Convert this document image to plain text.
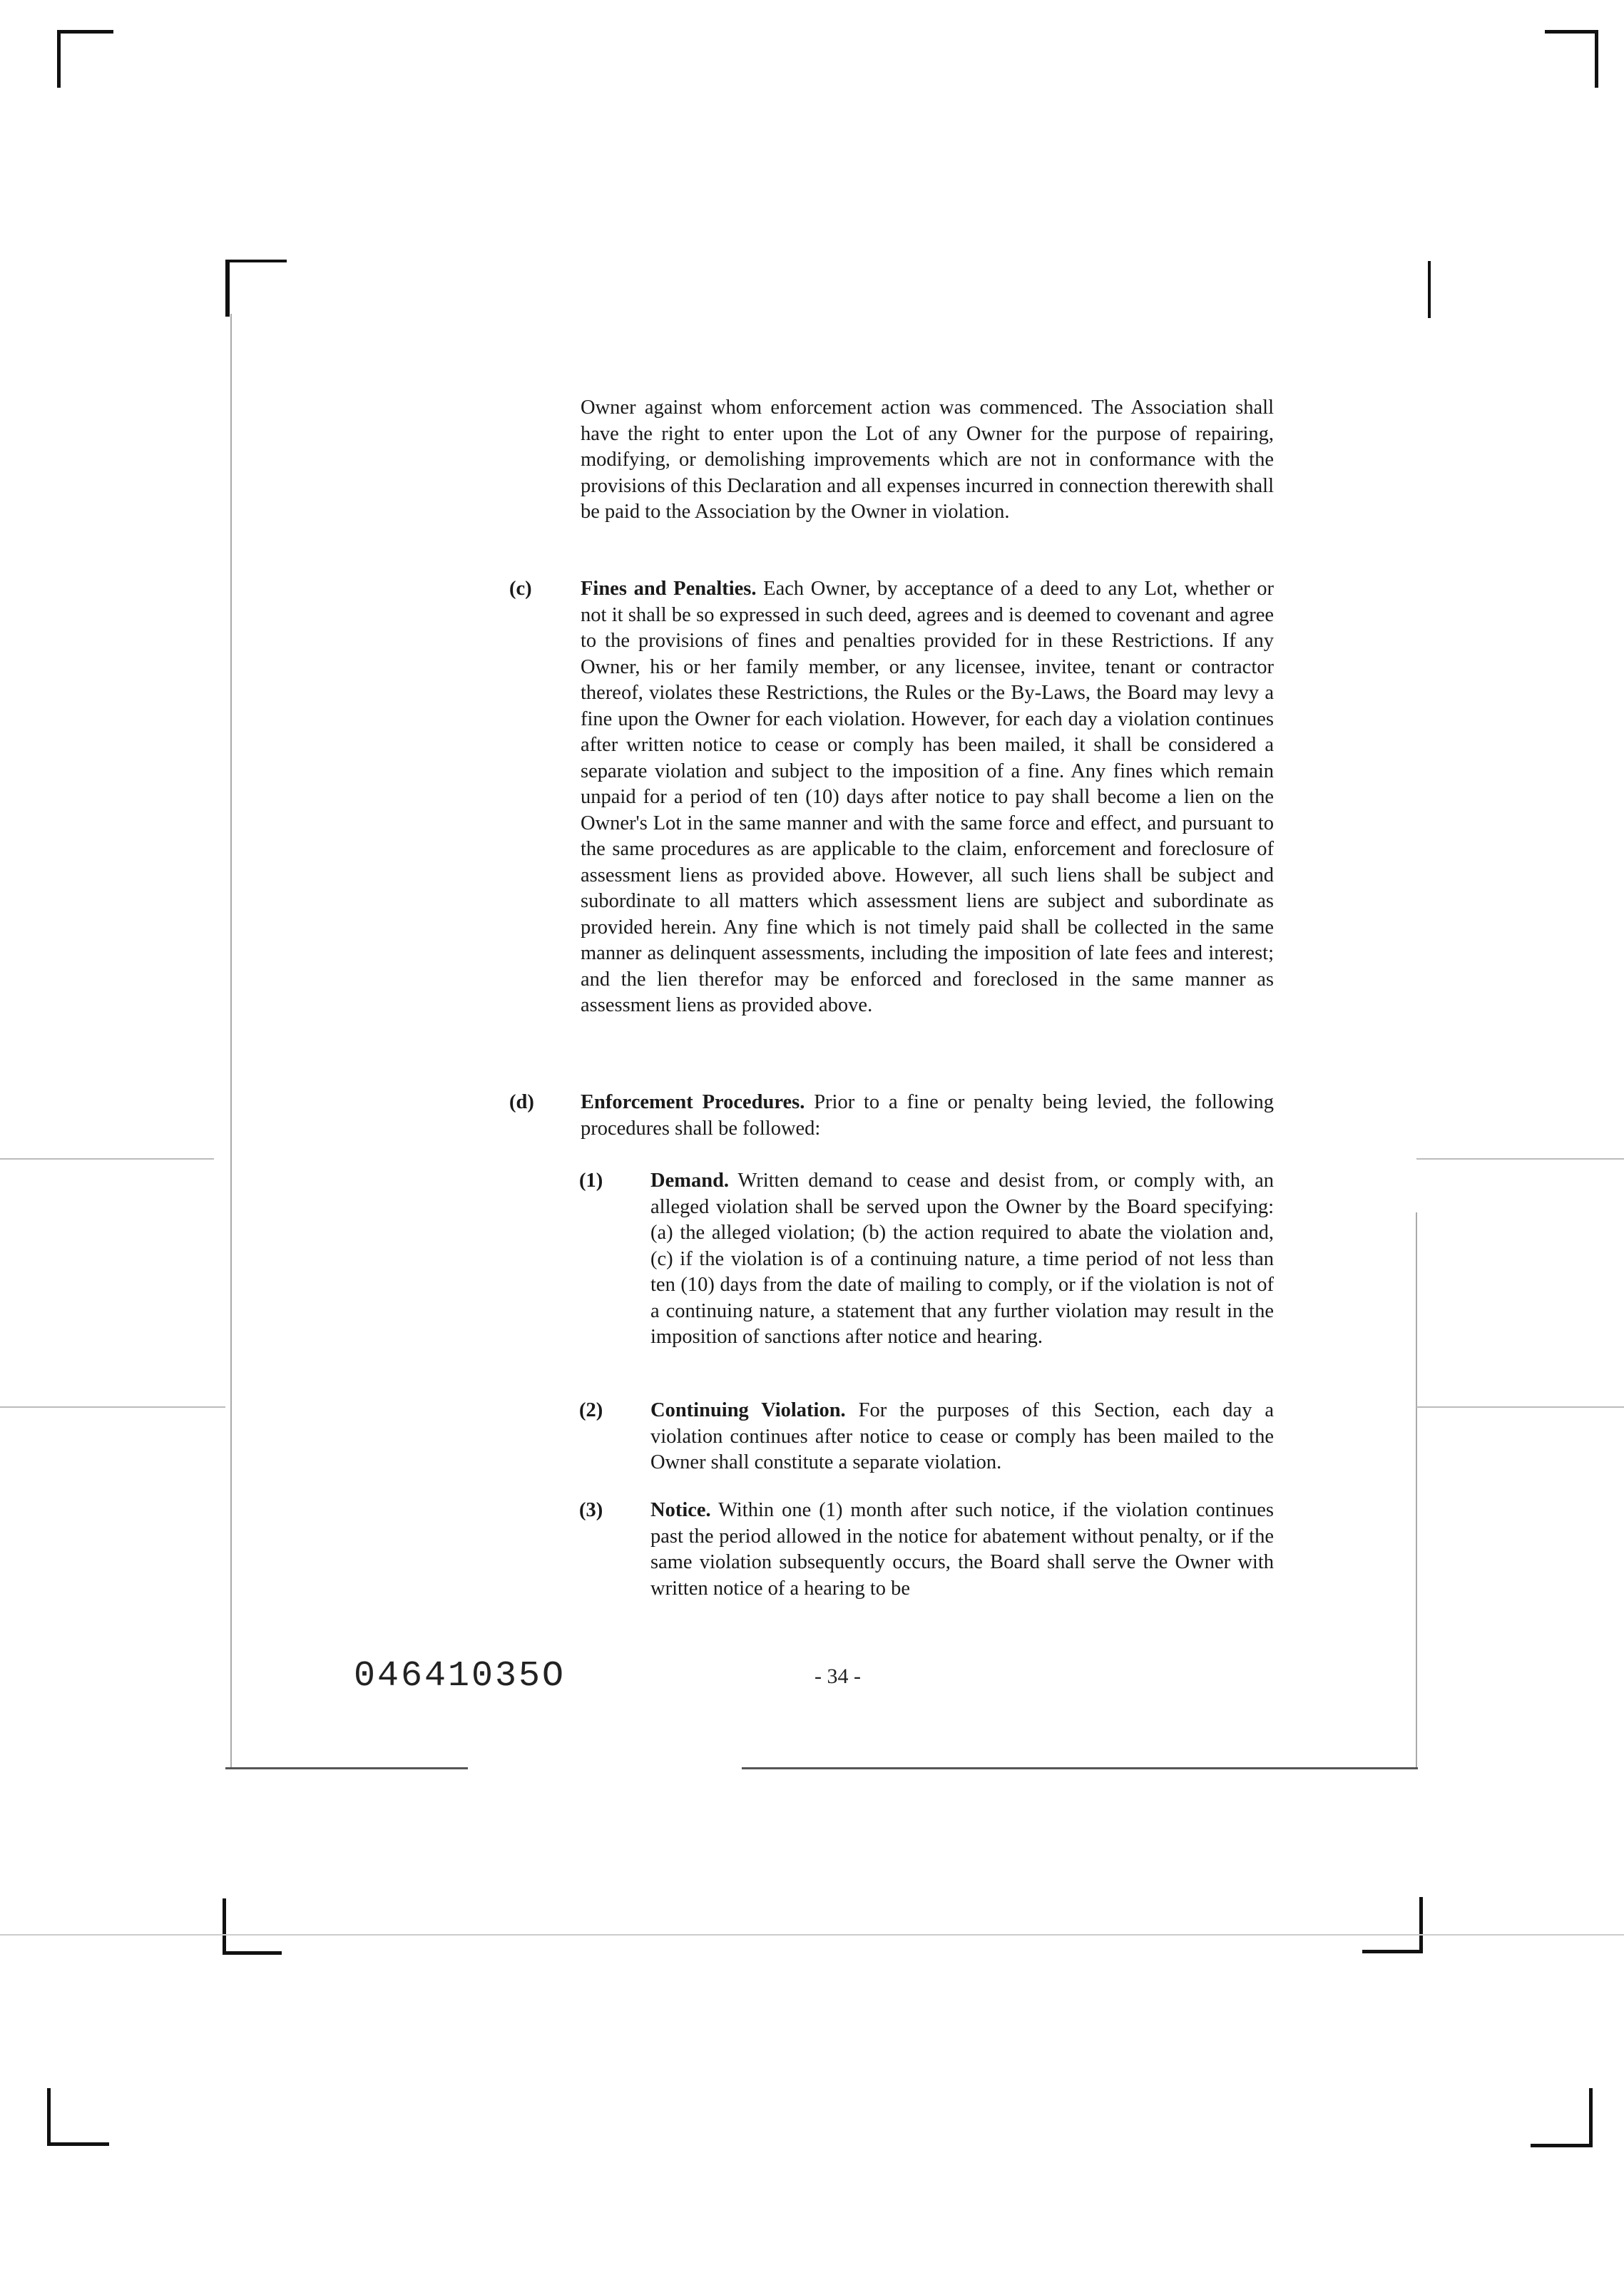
Owner against whom enforcement action was commenced. The Association shall have the right to enter upon the Lot of any Owner for the purpose of repairing, modifying, or demolishing improvements which are not in conformance with the provisions of this Declaration and all expenses incurred in connection therewith shall be paid to the Association by the Owner in violation.

(c) Fines and Penalties. Each Owner, by acceptance of a deed to any Lot, whether or not it shall be so expressed in such deed, agrees and is deemed to covenant and agree to the provisions of fines and penalties provided for in these Restrictions. If any Owner, his or her family member, or any licensee, invitee, tenant or contractor thereof, violates these Restrictions, the Rules or the By-Laws, the Board may levy a fine upon the Owner for each violation. However, for each day a violation continues after written notice to cease or comply has been mailed, it shall be considered a separate violation and subject to the imposition of a fine. Any fines which remain unpaid for a period of ten (10) days after notice to pay shall become a lien on the Owner's Lot in the same manner and with the same force and effect, and pursuant to the same procedures as are applicable to the claim, enforcement and foreclosure of assessment liens as provided above. However, all such liens shall be subject and subordinate to all matters which assessment liens are subject and subordinate as provided herein. Any fine which is not timely paid shall be collected in the same manner as delinquent assessments, including the imposition of late fees and interest; and the lien therefor may be enforced and foreclosed in the same manner as assessment liens as provided above.

(d) Enforcement Procedures. Prior to a fine or penalty being levied, the following procedures shall be followed:

(1) Demand. Written demand to cease and desist from, or comply with, an alleged violation shall be served upon the Owner by the Board specifying: (a) the alleged violation; (b) the action required to abate the violation and, (c) if the violation is of a continuing nature, a time period of not less than ten (10) days from the date of mailing to comply, or if the violation is not of a continuing nature, a statement that any further violation may result in the imposition of sanctions after notice and hearing.

(2) Continuing Violation. For the purposes of this Section, each day a violation continues after notice to cease or comply has been mailed to the Owner shall constitute a separate violation.

(3) Notice. Within one (1) month after such notice, if the violation continues past the period allowed in the notice for abatement without penalty, or if the same violation subsequently occurs, the Board shall serve the Owner with written notice of a hearing to be

04641035O	- 34 -
